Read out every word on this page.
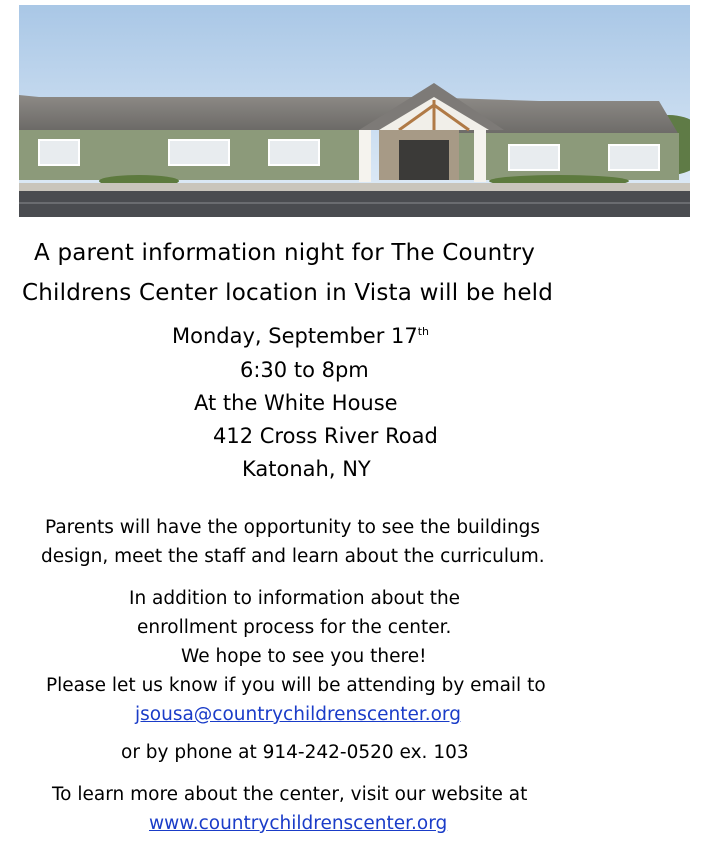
A parent information night for The Country
Childrens Center location in Vista will be held
Monday, September 17th
6:30 to 8pm
At the White House
412 Cross River Road
Katonah, NY
Parents will have the opportunity to see the buildings
design, meet the staff and learn about the curriculum.
In addition to information about the
enrollment process for the center.
We hope to see you there!
Please let us know if you will be attending by email to
jsousa@countrychildrenscenter.org
or by phone at 914-242-0520 ex. 103
To learn more about the center, visit our website at
www.countrychildrenscenter.org
